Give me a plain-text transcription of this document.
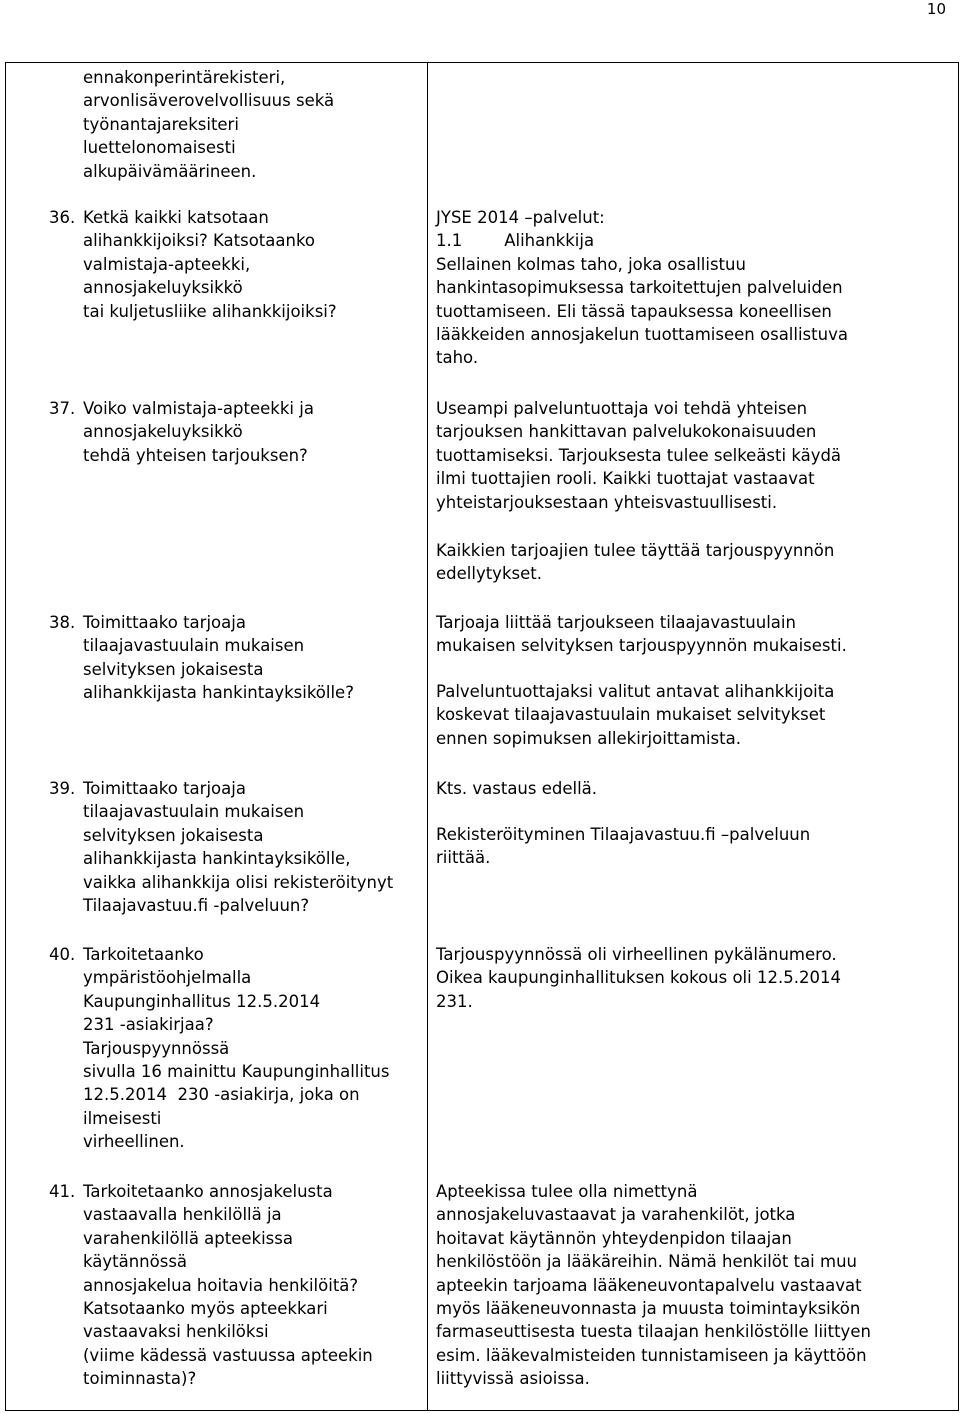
10
ennakonperintärekisteri,
arvonlisäverovelvollisuus sekä
työnantajareksiteri
luettelonomaisesti
alkupäivämäärineen.
36. Ketkä kaikki katsotaan
alihankkijoiksi? Katsotaanko
valmistaja-apteekki,
annosjakeluyksikkö
tai kuljetusliike alihankkijoiksi?
37. Voiko valmistaja-apteekki ja
annosjakeluyksikkö
tehdä yhteisen tarjouksen?
38. Toimittaako tarjoaja
tilaajavastuulain mukaisen
selvityksen jokaisesta
alihankkijasta hankintayksikölle?
39. Toimittaako tarjoaja
tilaajavastuulain mukaisen
selvityksen jokaisesta
alihankkijasta hankintayksikölle,
vaikka alihankkija olisi rekisteröitynyt
Tilaajavastuu.fi -palveluun?
40. Tarkoitetaanko
ympäristöohjelmalla
Kaupunginhallitus 12.5.2014
231 -asiakirjaa?
Tarjouspyynnössä
sivulla 16 mainittu Kaupunginhallitus
12.5.2014  230 -asiakirja, joka on
ilmeisesti
virheellinen.
41. Tarkoitetaanko annosjakelusta
vastaavalla henkilöllä ja
varahenkilöllä apteekissa
käytännössä
annosjakelua hoitavia henkilöitä?
Katsotaanko myös apteekkari
vastaavaksi henkilöksi
(viime kädessä vastuussa apteekin
toiminnasta)?
JYSE 2014 –palvelut:
1.1        Alihankkija
Sellainen kolmas taho, joka osallistuu
hankintasopimuksessa tarkoitettujen palveluiden
tuottamiseen. Eli tässä tapauksessa koneellisen
lääkkeiden annosjakelun tuottamiseen osallistuva
taho.
Useampi palveluntuottaja voi tehdä yhteisen
tarjouksen hankittavan palvelukokonaisuuden
tuottamiseksi. Tarjouksesta tulee selkeästi käydä
ilmi tuottajien rooli. Kaikki tuottajat vastaavat
yhteistarjouksestaan yhteisvastuullisesti.
Kaikkien tarjoajien tulee täyttää tarjouspyynnön
edellytykset.
Tarjoaja liittää tarjoukseen tilaajavastuulain
mukaisen selvityksen tarjouspyynnön mukaisesti.
Palveluntuottajaksi valitut antavat alihankkijoita
koskevat tilaajavastuulain mukaiset selvitykset
ennen sopimuksen allekirjoittamista.
Kts. vastaus edellä.
Rekisteröityminen Tilaajavastuu.fi –palveluun
riittää.
Tarjouspyynnössä oli virheellinen pykälänumero.
Oikea kaupunginhallituksen kokous oli 12.5.2014
231.
Apteekissa tulee olla nimettynä
annosjakeluvastaavat ja varahenkilöt, jotka
hoitavat käytännön yhteydenpidon tilaajan
henkilöstöön ja lääkäreihin. Nämä henkilöt tai muu
apteekin tarjoama lääkeneuvontapalvelu vastaavat
myös lääkeneuvonnasta ja muusta toimintayksikön
farmaseuttisesta tuesta tilaajan henkilöstölle liittyen
esim. lääkevalmisteiden tunnistamiseen ja käyttöön
liittyvissä asioissa.
